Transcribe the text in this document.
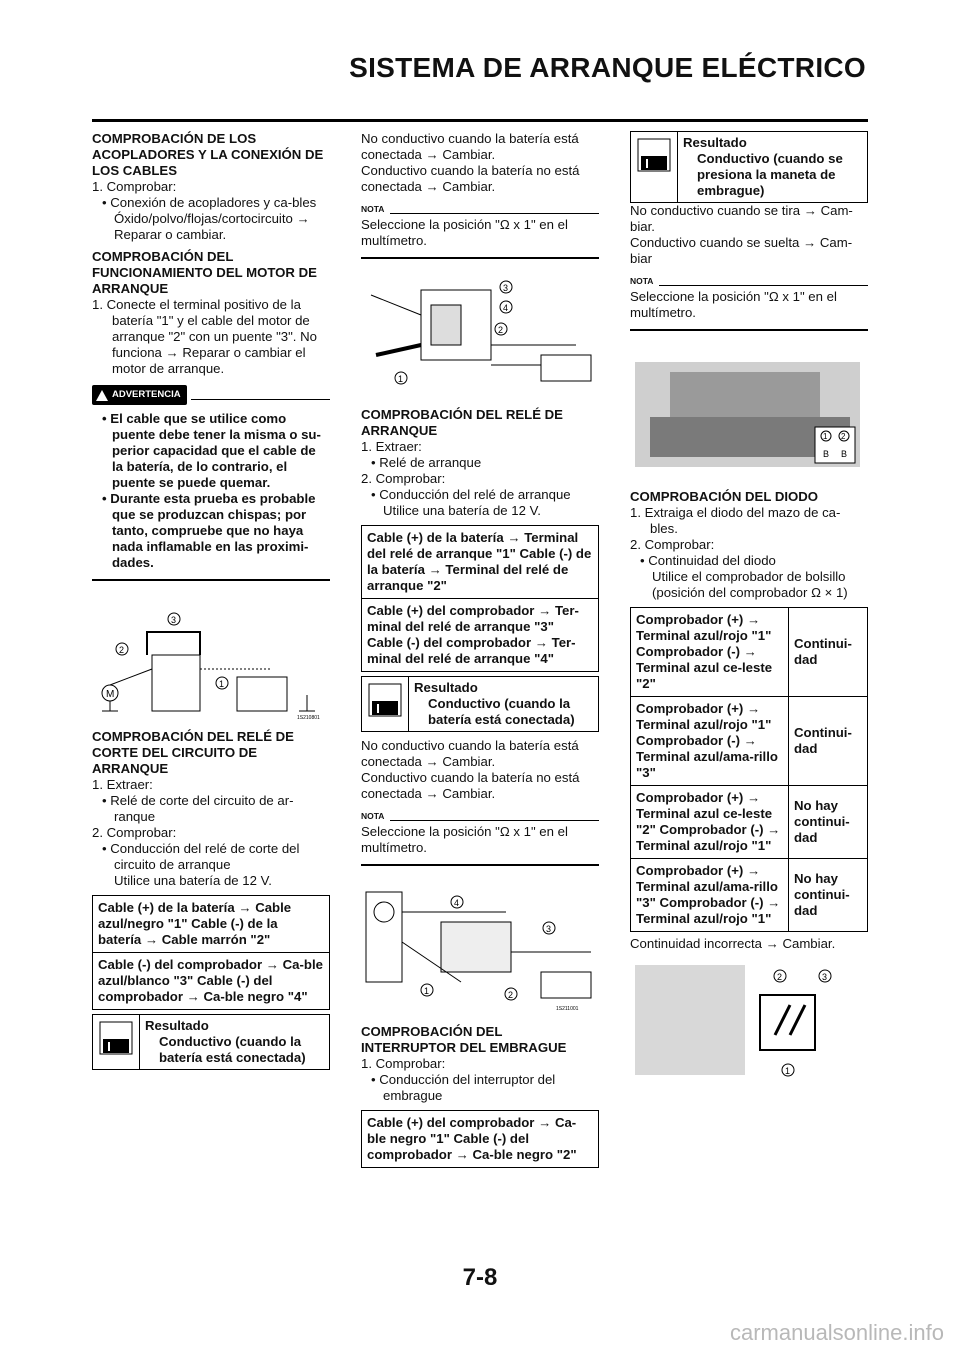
SISTEMA DE ARRANQUE ELÉCTRICO

COMPROBACIÓN DE LOS ACOPLADORES Y LA CONEXIÓN DE LOS CABLES

1. Comprobar:

• Conexión de acopladores y ca-bles

Óxido/polvo/flojas/cortocircuito → Reparar o cambiar.

COMPROBACIÓN DEL FUNCIONAMIENTO DEL MOTOR DE ARRANQUE

1. Conecte el terminal positivo de la batería "1" y el cable del motor de arranque "2" con un puente "3". No funciona → Reparar o cambiar el motor de arranque.

ADVERTENCIA

• El cable que se utilice como puente debe tener la misma o su-perior capacidad que el cable de la batería, de lo contrario, el puente se puede quemar.

• Durante esta prueba es probable que se produzcan chispas; por tanto, compruebe que no haya nada inflamable en las proximi-dades.

M
2
3
1
1S210801

COMPROBACIÓN DEL RELÉ DE CORTE DEL CIRCUITO DE ARRANQUE

1. Extraer:

• Relé de corte del circuito de ar-ranque

2. Comprobar:

• Conducción del relé de corte del circuito de arranque

Utilice una batería de 12 V.

Cable (+) de la batería → Cable azul/negro "1" Cable (-) de la batería → Cable marrón "2"
Cable (-) del comprobador → Ca-ble azul/blanco "3" Cable (-) del comprobador → Ca-ble negro "4"
Resultado
Conductivo (cuando la batería está conectada)

No conductivo cuando la batería está conectada → Cambiar.

Conductivo cuando la batería no está conectada → Cambiar.

NOTA

Seleccione la posición "Ω x 1" en el multímetro.

3
4
2
1

COMPROBACIÓN DEL RELÉ DE ARRANQUE

1. Extraer:

• Relé de arranque

2. Comprobar:

• Conducción del relé de arranque

Utilice una batería de 12 V.

Cable (+) de la batería → Terminal del relé de arranque "1" Cable (-) de la batería → Terminal del relé de arranque "2"
Cable (+) del comprobador → Ter-minal del relé de arranque "3" Cable (-) del comprobador → Ter-minal del relé de arranque "4"
Resultado
Conductivo (cuando la batería está conectada)

No conductivo cuando la batería está conectada → Cambiar.

Conductivo cuando la batería no está conectada → Cambiar.

NOTA

Seleccione la posición "Ω x 1" en el multímetro.

4
3
2
1
1S211001

COMPROBACIÓN DEL INTERRUPTOR DEL EMBRAGUE

1. Comprobar:

• Conducción del interruptor del embrague

Cable (+) del comprobador → Ca-ble negro "1" Cable (-) del comprobador → Ca-ble negro "2"
Resultado
Conductivo (cuando se presiona la maneta de embrague)

No conductivo cuando se tira → Cam-biar.

Conductivo cuando se suelta → Cam-biar

NOTA

Seleccione la posición "Ω x 1" en el multímetro.

1 2
B B

COMPROBACIÓN DEL DIODO

1. Extraiga el diodo del mazo de ca-bles.

2. Comprobar:

• Continuidad del diodo

Utilice el comprobador de bolsillo (posición del comprobador Ω × 1)

Comprobador (+) → Terminal azul/rojo "1" Comprobador (-) → Terminal azul ce-leste "2"	Continui-dad
Comprobador (+) → Terminal azul/rojo "1" Comprobador (-) → Terminal azul/ama-rillo "3"	Continui-dad
Comprobador (+) → Terminal azul ce-leste "2" Comprobador (-) → Terminal azul/rojo "1"	No hay continui-dad
Comprobador (+) → Terminal azul/ama-rillo "3" Comprobador (-) → Terminal azul/rojo "1"	No hay continui-dad

Continuidad incorrecta → Cambiar.

2	3
1
7-8
carmanualsonline.info
